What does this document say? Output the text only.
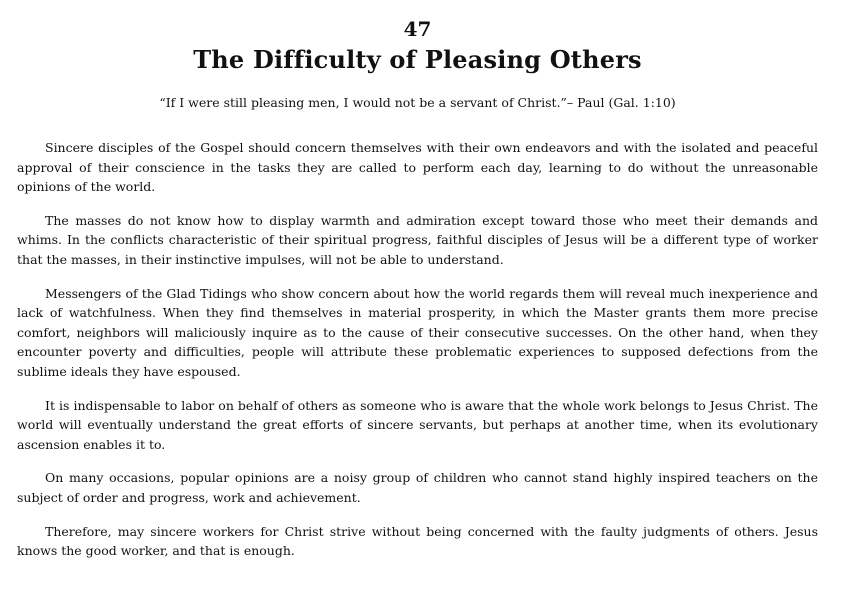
47
The Difficulty of Pleasing Others

“If I were still pleasing men, I would not be a servant of Christ.”– Paul (Gal. 1:10)

Sincere disciples of the Gospel should concern themselves with their own endeavors and with the isolated and peaceful approval of their conscience in the tasks they are called to perform each day, learning to do without the unreasonable opinions of the world.

The masses do not know how to display warmth and admiration except toward those who meet their demands and whims. In the conflicts characteristic of their spiritual progress, faithful disciples of Jesus will be a different type of worker that the masses, in their instinctive impulses, will not be able to understand.

Messengers of the Glad Tidings who show concern about how the world regards them will reveal much inexperience and lack of watchfulness. When they find themselves in material prosperity, in which the Master grants them more precise comfort, neighbors will maliciously inquire as to the cause of their consecutive successes. On the other hand, when they encounter poverty and difficulties, people will attribute these problematic experiences to supposed defections from the sublime ideals they have espoused.

It is indispensable to labor on behalf of others as someone who is aware that the whole work belongs to Jesus Christ. The world will eventually understand the great efforts of sincere servants, but perhaps at another time, when its evolutionary ascension enables it to.

On many occasions, popular opinions are a noisy group of children who cannot stand highly inspired teachers on the subject of order and progress, work and achievement.

Therefore, may sincere workers for Christ strive without being concerned with the faulty judgments of others. Jesus knows the good worker, and that is enough.
